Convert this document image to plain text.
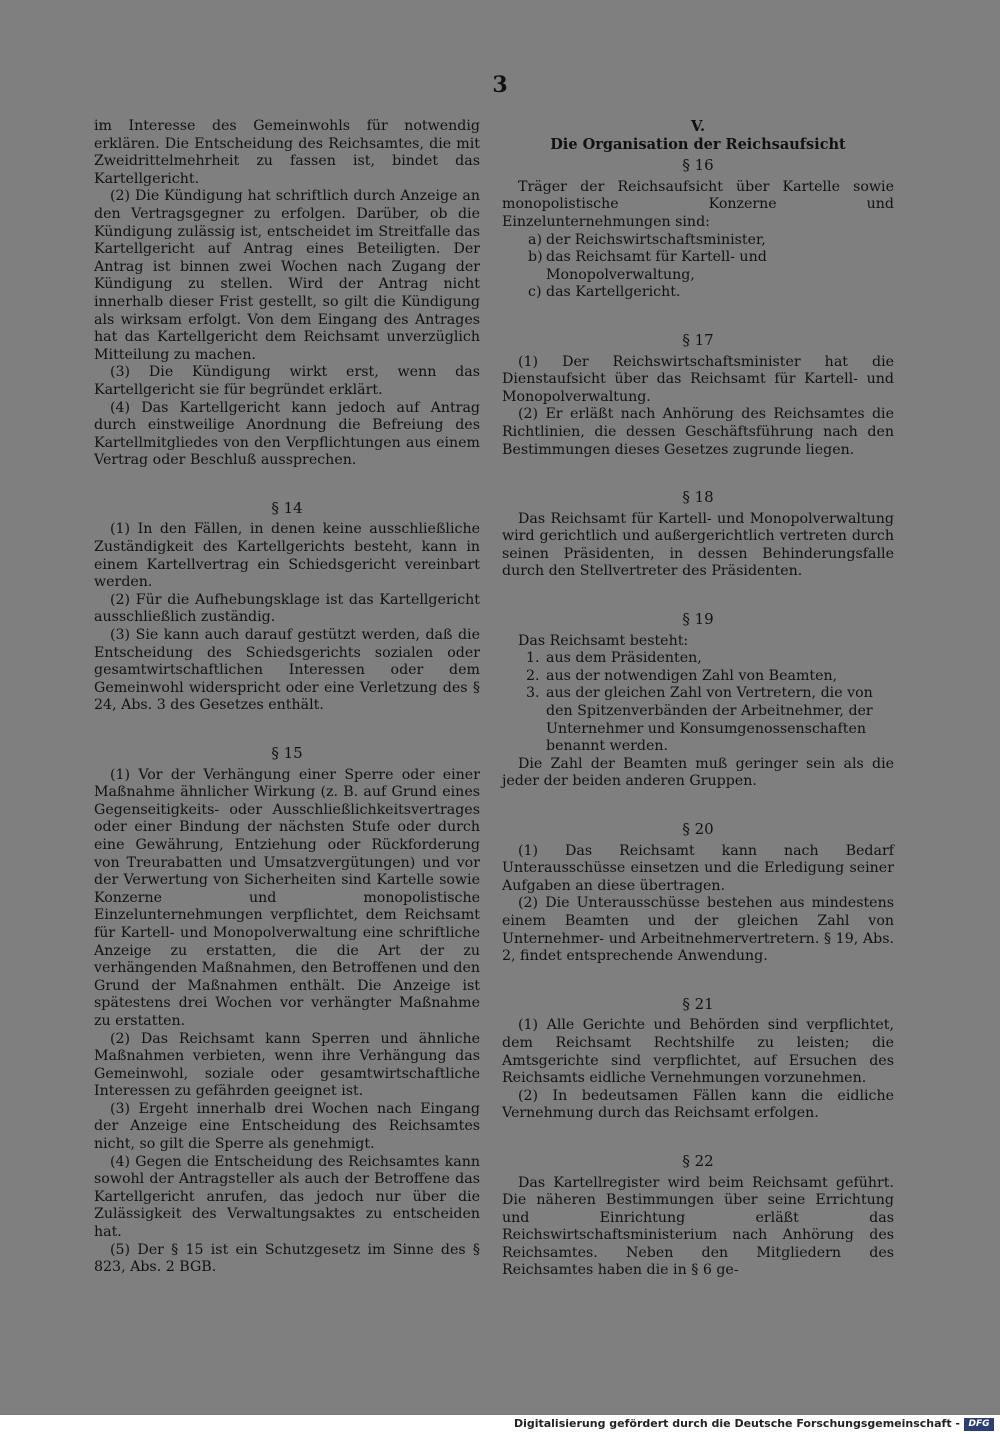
3

im Interesse des Gemeinwohls für notwendig erklären. Die Entscheidung des Reichsamtes, die mit Zweidrittelmehrheit zu fassen ist, bindet das Kartellgericht.

(2) Die Kündigung hat schriftlich durch Anzeige an den Vertragsgegner zu erfolgen. Darüber, ob die Kündigung zulässig ist, entscheidet im Streitfalle das Kartellgericht auf Antrag eines Beteiligten. Der Antrag ist binnen zwei Wochen nach Zugang der Kündigung zu stellen. Wird der Antrag nicht innerhalb dieser Frist gestellt, so gilt die Kündigung als wirksam erfolgt. Von dem Eingang des Antrages hat das Kartellgericht dem Reichsamt unverzüglich Mitteilung zu machen.

(3) Die Kündigung wirkt erst, wenn das Kartellgericht sie für begründet erklärt.

(4) Das Kartellgericht kann jedoch auf Antrag durch einstweilige Anordnung die Befreiung des Kartellmitgliedes von den Verpflichtungen aus einem Vertrag oder Beschluß aussprechen.

§ 14

(1) In den Fällen, in denen keine ausschließliche Zuständigkeit des Kartellgerichts besteht, kann in einem Kartellvertrag ein Schiedsgericht vereinbart werden.

(2) Für die Aufhebungsklage ist das Kartellgericht ausschließlich zuständig.

(3) Sie kann auch darauf gestützt werden, daß die Entscheidung des Schiedsgerichts sozialen oder gesamtwirtschaftlichen Interessen oder dem Gemeinwohl widerspricht oder eine Verletzung des § 24, Abs. 3 des Gesetzes enthält.

§ 15

(1) Vor der Verhängung einer Sperre oder einer Maßnahme ähnlicher Wirkung (z. B. auf Grund eines Gegenseitigkeits- oder Ausschließlichkeitsvertrages oder einer Bindung der nächsten Stufe oder durch eine Gewährung, Entziehung oder Rückforderung von Treurabatten und Umsatzvergütungen) und vor der Verwertung von Sicherheiten sind Kartelle sowie Konzerne und monopolistische Einzelunternehmungen verpflichtet, dem Reichsamt für Kartell- und Monopolverwaltung eine schriftliche Anzeige zu erstatten, die die Art der zu verhängenden Maßnahmen, den Betroffenen und den Grund der Maßnahmen enthält. Die Anzeige ist spätestens drei Wochen vor verhängter Maßnahme zu erstatten.

(2) Das Reichsamt kann Sperren und ähnliche Maßnahmen verbieten, wenn ihre Verhängung das Gemeinwohl, soziale oder gesamtwirtschaftliche Interessen zu gefährden geeignet ist.

(3) Ergeht innerhalb drei Wochen nach Eingang der Anzeige eine Entscheidung des Reichsamtes nicht, so gilt die Sperre als genehmigt.

(4) Gegen die Entscheidung des Reichsamtes kann sowohl der Antragsteller als auch der Betroffene das Kartellgericht anrufen, das jedoch nur über die Zulässigkeit des Verwaltungsaktes zu entscheiden hat.

(5) Der § 15 ist ein Schutzgesetz im Sinne des § 823, Abs. 2 BGB.

V.
Die Organisation der Reichsaufsicht
§ 16

Träger der Reichsaufsicht über Kartelle sowie monopolistische Konzerne und Einzelunternehmungen sind:

a) der Reichswirtschaftsminister,
b) das Reichsamt für Kartell- und Monopolverwaltung,
c) das Kartellgericht.
§ 17

(1) Der Reichswirtschaftsminister hat die Dienstaufsicht über das Reichsamt für Kartell- und Monopolverwaltung.

(2) Er erläßt nach Anhörung des Reichsamtes die Richtlinien, die dessen Geschäftsführung nach den Bestimmungen dieses Gesetzes zugrunde liegen.

§ 18

Das Reichsamt für Kartell- und Monopolverwaltung wird gerichtlich und außergerichtlich vertreten durch seinen Präsidenten, in dessen Behinderungsfalle durch den Stellvertreter des Präsidenten.

§ 19

Das Reichsamt besteht:

1. aus dem Präsidenten,
2. aus der notwendigen Zahl von Beamten,
3. aus der gleichen Zahl von Vertretern, die von den Spitzenverbänden der Arbeitnehmer, der Unternehmer und Konsumgenossenschaften benannt werden.

Die Zahl der Beamten muß geringer sein als die jeder der beiden anderen Gruppen.

§ 20

(1) Das Reichsamt kann nach Bedarf Unterausschüsse einsetzen und die Erledigung seiner Aufgaben an diese übertragen.

(2) Die Unterausschüsse bestehen aus mindestens einem Beamten und der gleichen Zahl von Unternehmer- und Arbeitnehmervertretern. § 19, Abs. 2, findet entsprechende Anwendung.

§ 21

(1) Alle Gerichte und Behörden sind verpflichtet, dem Reichsamt Rechtshilfe zu leisten; die Amtsgerichte sind verpflichtet, auf Ersuchen des Reichsamts eidliche Vernehmungen vorzunehmen.

(2) In bedeutsamen Fällen kann die eidliche Vernehmung durch das Reichsamt erfolgen.

§ 22

Das Kartellregister wird beim Reichsamt geführt. Die näheren Bestimmungen über seine Errichtung und Einrichtung erläßt das Reichswirtschaftsministerium nach Anhörung des Reichsamtes. Neben den Mitgliedern des Reichsamtes haben die in § 6 ge-

Digitalisierung gefördert durch die Deutsche Forschungsgemeinschaft - DFG
